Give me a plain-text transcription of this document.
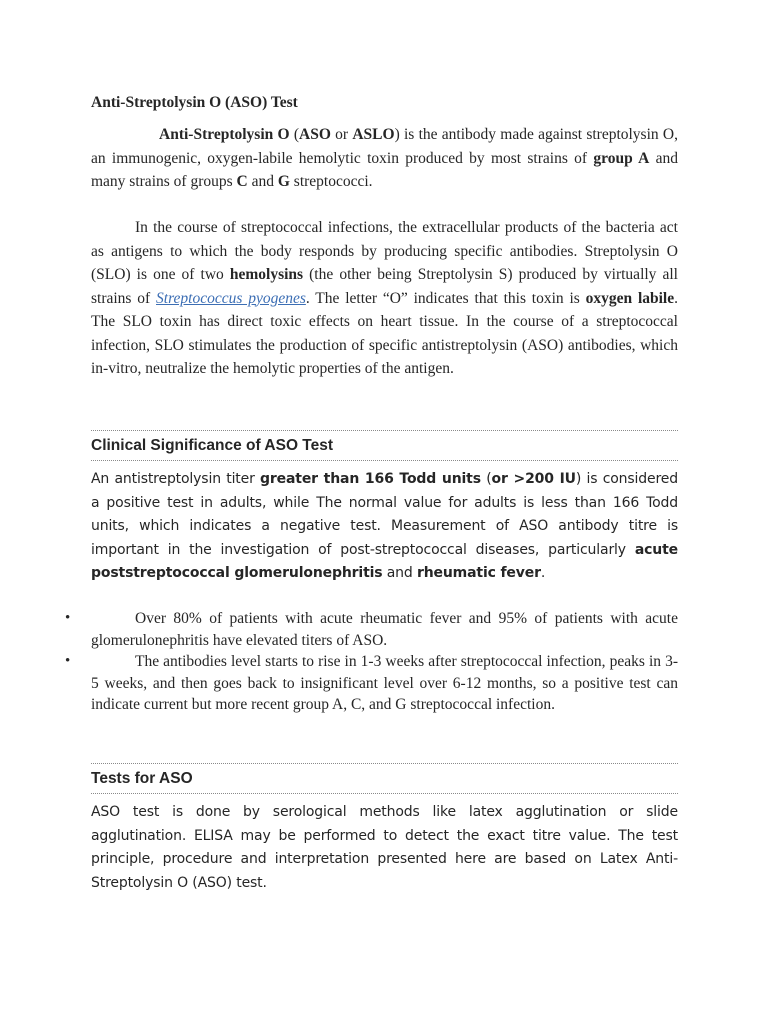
Anti-Streptolysin O (ASO) Test

Anti-Streptolysin O (ASO or ASLO) is the antibody made against streptolysin O, an immunogenic, oxygen-labile hemolytic toxin produced by most strains of group A and many strains of groups C and G streptococci.

In the course of streptococcal infections, the extracellular products of the bacteria act as antigens to which the body responds by producing specific antibodies. Streptolysin O (SLO) is one of two hemolysins (the other being Streptolysin S) produced by virtually all strains of Streptococcus pyogenes. The letter “O” indicates that this toxin is oxygen labile. The SLO toxin has direct toxic effects on heart tissue. In the course of a streptococcal infection, SLO stimulates the production of specific antistreptolysin (ASO) antibodies, which in-vitro, neutralize the hemolytic properties of the antigen.

Clinical Significance of ASO Test

An antistreptolysin titer greater than 166 Todd units (or >200 IU) is considered a positive test in adults, while The normal value for adults is less than 166 Todd units, which indicates a negative test. Measurement of ASO antibody titre is important in the investigation of post-streptococcal diseases, particularly acute poststreptococcal glomerulonephritis and rheumatic fever.

•	Over 80% of patients with acute rheumatic fever and 95% of patients with acute glomerulonephritis have elevated titers of ASO.
•	The antibodies level starts to rise in 1-3 weeks after streptococcal infection, peaks in 3-5 weeks, and then goes back to insignificant level over 6-12 months, so a positive test can indicate current but more recent group A, C, and G streptococcal infection.
Tests for ASO

ASO test is done by serological methods like latex agglutination or slide agglutination. ELISA may be performed to detect the exact titre value. The test principle, procedure and interpretation presented here are based on Latex Anti-Streptolysin O (ASO) test.
